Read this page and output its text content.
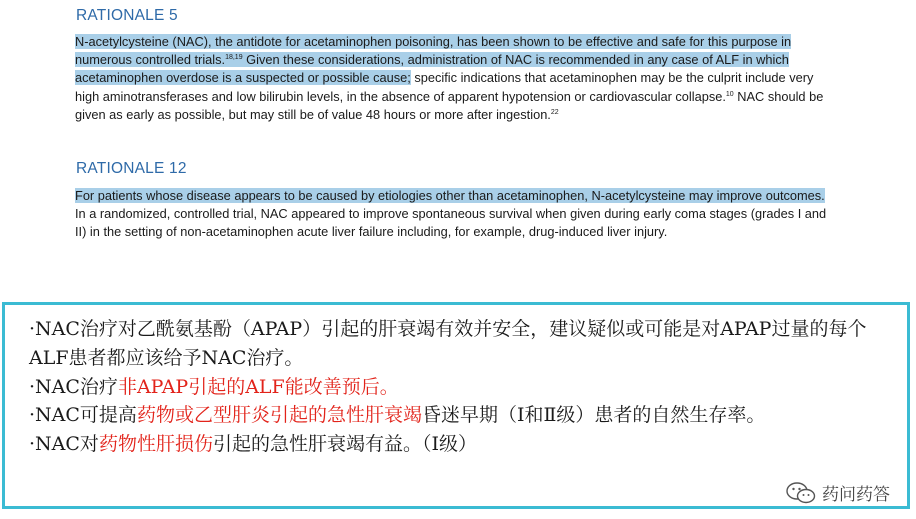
RATIONALE 5

N-acetylcysteine (NAC), the antidote for acetaminophen poisoning, has been shown to be effective and safe for this purpose in numerous controlled trials.$^{18,19}$ Given these considerations, administration of NAC is recommended in any case of ALF in which acetaminophen overdose is a suspected or possible cause; specific indications that acetaminophen may be the culprit include very high aminotransferases and low bilirubin levels, in the absence of apparent hypotension or cardiovascular collapse.$^{10}$ NAC should be given as early as possible, but may still be of value 48 hours or more after ingestion.$^{22}$

RATIONALE 12

For patients whose disease appears to be caused by etiologies other than acetaminophen, N-acetylcysteine may improve outcomes. In a randomized, controlled trial, NAC appeared to improve spontaneous survival when given during early coma stages (grades I and II) in the setting of non-acetaminophen acute liver failure including, for example, drug-induced liver injury.

·NAC治疗对乙酰氨基酚（APAP）引起的肝衰竭有效并安全，建议疑似或可能是对APAP过量的每个ALF患者都应该给予NAC治疗。

·NAC治疗非APAP引起的ALF能改善预后。

·NAC可提高药物或乙型肝炎引起的急性肝衰竭昏迷早期（Ⅰ和Ⅱ级）患者的自然生存率。

·NAC对药物性肝损伤引起的急性肝衰竭有益。（Ⅰ级）

药问药答
